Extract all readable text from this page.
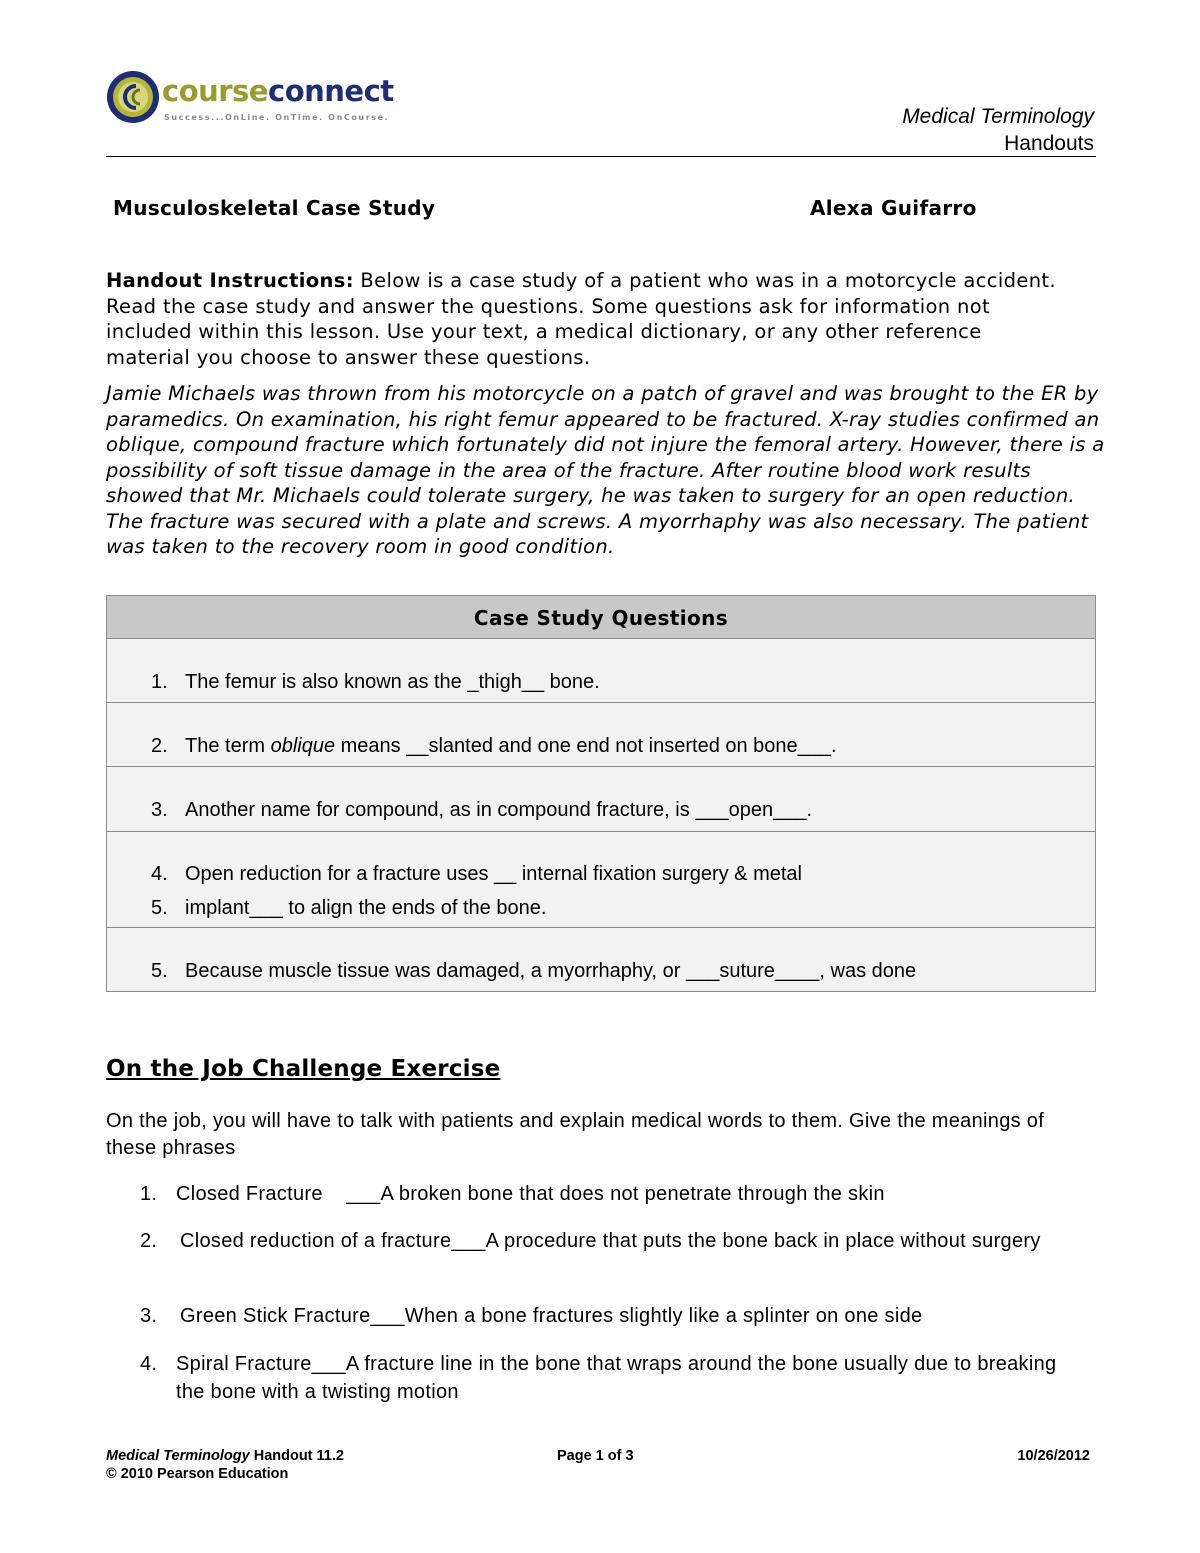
courseconnect
Success...OnLine. OnTime. OnCourse.	Medical Terminology
Handouts
Musculoskeletal Case Study	Alexa Guifarro
Handout Instructions: Below is a case study of a patient who was in a motorcycle accident. Read the case study and answer the questions. Some questions ask for information not included within this lesson. Use your text, a medical dictionary, or any other reference material you choose to answer these questions.
Jamie Michaels was thrown from his motorcycle on a patch of gravel and was brought to the ER by paramedics. On examination, his right femur appeared to be fractured. X-ray studies confirmed an oblique, compound fracture which fortunately did not injure the femoral artery. However, there is a possibility of soft tissue damage in the area of the fracture. After routine blood work results showed that Mr. Michaels could tolerate surgery, he was taken to surgery for an open reduction. The fracture was secured with a plate and screws. A myorrhaphy was also necessary. The patient was taken to the recovery room in good condition.
Case Study Questions
1. The femur is also known as the _thigh__ bone.
2. The term oblique means __slanted and one end not inserted on bone___.
3. Another name for compound, as in compound fracture, is ___open___.
4. Open reduction for a fracture uses __ internal fixation surgery & metal
5. implant___ to align the ends of the bone.
5. Because muscle tissue was damaged, a myorrhaphy, or ___suture____, was done
On the Job Challenge Exercise
On the job, you will have to talk with patients and explain medical words to them. Give the meanings of these phrases
1. Closed Fracture    ___A broken bone that does not penetrate through the skin
2. Closed reduction of a fracture___A procedure that puts the bone back in place without surgery
3. Green Stick Fracture___When a bone fractures slightly like a splinter on one side
4. Spiral Fracture___A fracture line in the bone that wraps around the bone usually due to breaking the bone with a twisting motion
Medical Terminology Handout 11.2
© 2010 Pearson Education
Page 1 of 3	10/26/2012
